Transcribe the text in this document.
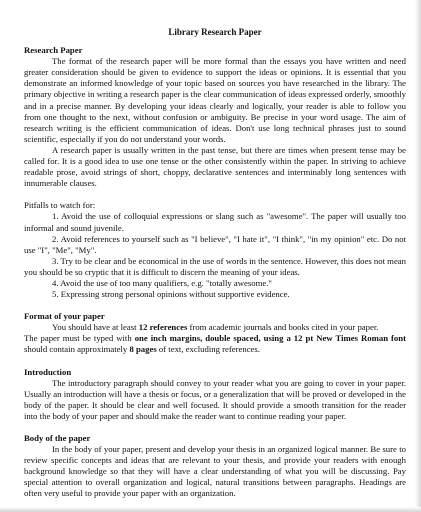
Library Research Paper
Research Paper

The format of the research paper will be more formal than the essays you have written and need greater consideration should be given to evidence to support the ideas or opinions. It is essential that you demonstrate an informed knowledge of your topic based on sources you have researched in the library. The primary objective in writing a research paper is the clear communication of ideas expressed orderly, smoothly and in a precise manner. By developing your ideas clearly and logically, your reader is able to follow you from one thought to the next, without confusion or ambiguity. Be precise in your word usage. The aim of research writing is the efficient communication of ideas. Don't use long technical phrases just to sound scientific, especially if you do not understand your words.

A research paper is usually written in the past tense, but there are times when present tense may be called for. It is a good idea to use one tense or the other consistently within the paper. In striving to achieve readable prose, avoid strings of short, choppy, declarative sentences and interminably long sentences with innumerable clauses.

Pitfalls to watch for:

1. Avoid the use of colloquial expressions or slang such as "awesome". The paper will usually too informal and sound juvenile.

2. Avoid references to yourself such as "I believe", "I hate it", "I think", "in my opinion" etc. Do not use "I", "Me", "My".

3. Try to be clear and be economical in the use of words in the sentence. However, this does not mean you should be so cryptic that it is difficult to discern the meaning of your ideas.

4. Avoid the use of too many qualifiers, e.g. "totally awesome."

5. Expressing strong personal opinions without supportive evidence.

Format of your paper

You should have at least 12 references from academic journals and books cited in your paper.

The paper must be typed with one inch margins, double spaced, using a 12 pt New Times Roman font should contain approximately 8 pages of text, excluding references.

Introduction

The introductory paragraph should convey to your reader what you are going to cover in your paper. Usually an introduction will have a thesis or focus, or a generalization that will be proved or developed in the body of the paper. It should be clear and well focused. It should provide a smooth transition for the reader into the body of your paper and should make the reader want to continue reading your paper.

Body of the paper

In the body of your paper, present and develop your thesis in an organized logical manner. Be sure to review specific concepts and ideas that are relevant to your thesis, and provide your readers with enough background knowledge so that they will have a clear understanding of what you will be discussing. Pay special attention to overall organization and logical, natural transitions between paragraphs. Headings are often very useful to provide your paper with an organization.
